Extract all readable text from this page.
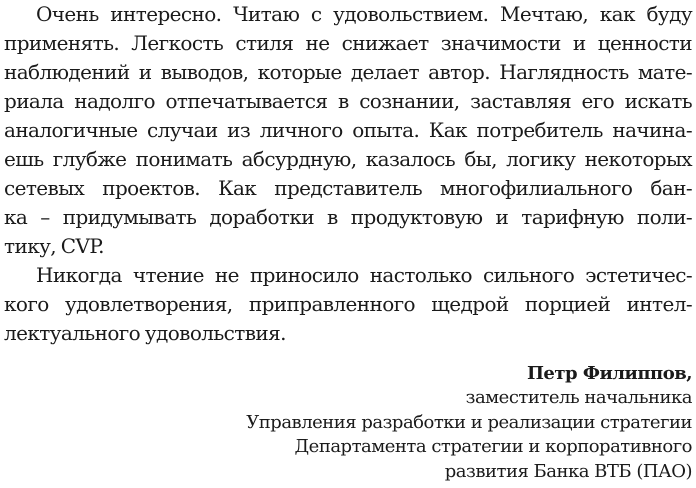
Очень интересно. Читаю с удовольствием. Мечтаю, как буду
применять. Легкость стиля не снижает значимости и ценности
наблюдений и выводов, которые делает автор. Наглядность мате-
риала надолго отпечатывается в сознании, заставляя его искать
аналогичные случаи из личного опыта. Как потребитель начина-
ешь глубже понимать абсурдную, казалось бы, логику некоторых
сетевых проектов. Как представитель многофилиального бан-
ка – придумывать доработки в продуктовую и тарифную поли-
тику, CVP.
Никогда чтение не приносило настолько сильного эстетичес-
кого удовлетворения, приправленного щедрой порцией интел-
лектуального удовольствия.
Петр Филиппов,
заместитель начальника
Управления разработки и реализации стратегии
Департамента стратегии и корпоративного
развития Банка ВТБ (ПАО)
